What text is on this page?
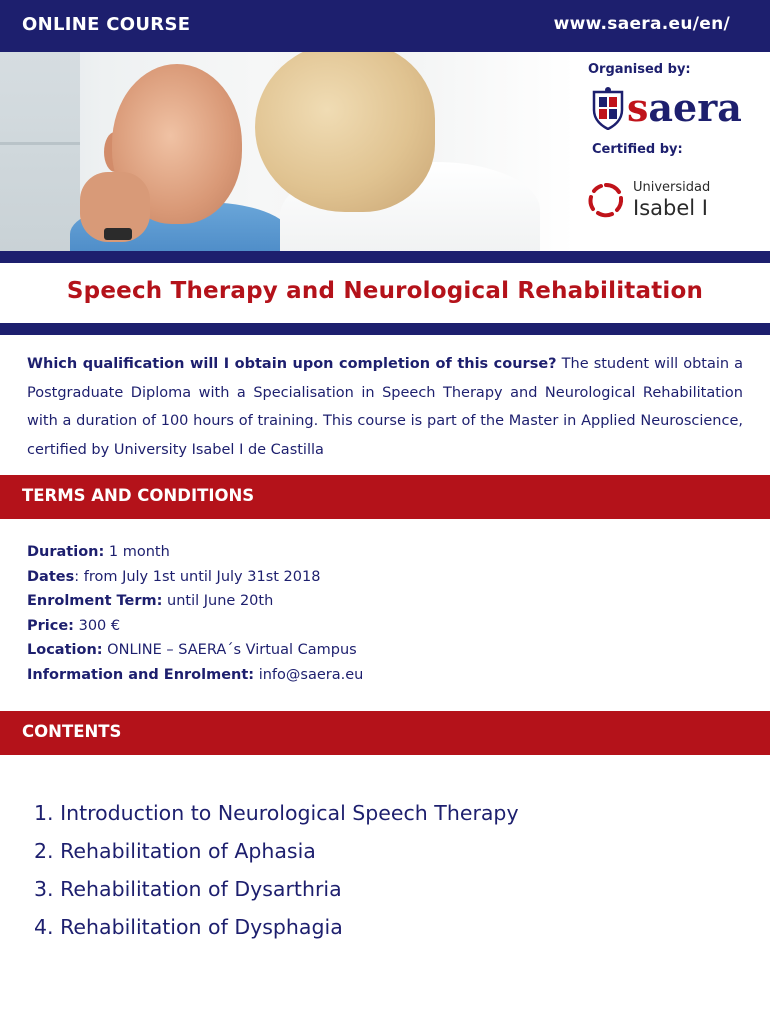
ONLINE COURSE	www.saera.eu/en/
Organised by:
saera
Certified by:
Universidad
Isabel I
Speech Therapy and Neurological Rehabilitation

Which qualification will I obtain upon completion of this course? The student will obtain a Postgraduate Diploma with a Specialisation in Speech Therapy and Neurological Rehabilitation with a duration of 100 hours of training. This course is part of the Master in Applied Neuroscience, certified by University Isabel I de Castilla

TERMS AND CONDITIONS
Duration: 1 month
Dates: from July 1st until July 31st 2018
Enrolment Term: until June 20th
Price: 300 €
Location: ONLINE – SAERA´s Virtual Campus
Information and Enrolment: info@saera.eu
CONTENTS
1. Introduction to Neurological Speech Therapy
2. Rehabilitation of Aphasia
3. Rehabilitation of Dysarthria
4. Rehabilitation of Dysphagia
